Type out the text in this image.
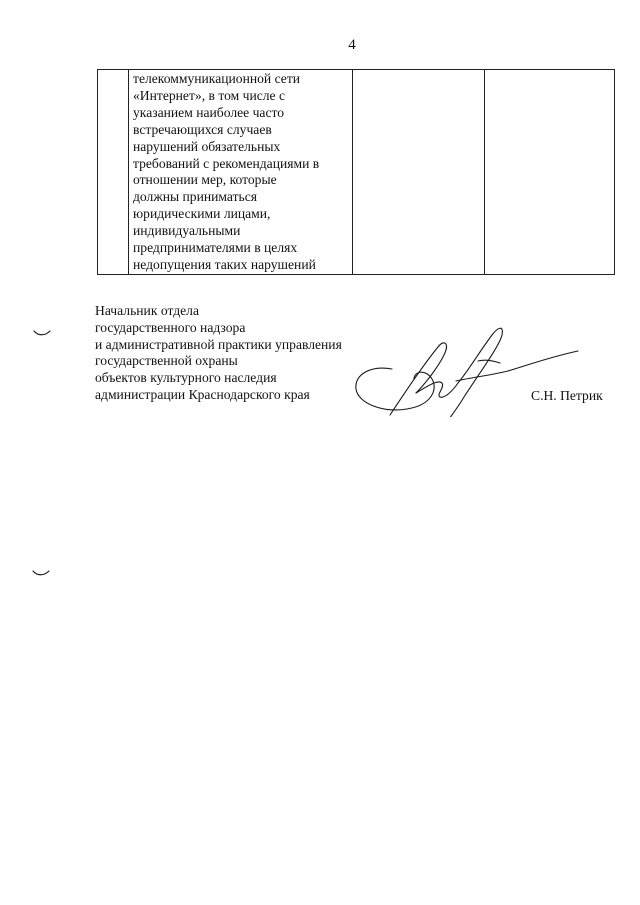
4

телекоммуникационной сети
«Интернет», в том числе с
указанием наиболее часто
встречающихся случаев
нарушений обязательных
требований с рекомендациями в
отношении мер, которые
должны приниматься
юридическими лицами,
индивидуальными
предпринимателями в целях
недопущения таких нарушений

Начальник отдела
государственного надзора
и административной практики управления
государственной охраны
объектов культурного наследия
администрации Краснодарского края	С.Н. Петрик
